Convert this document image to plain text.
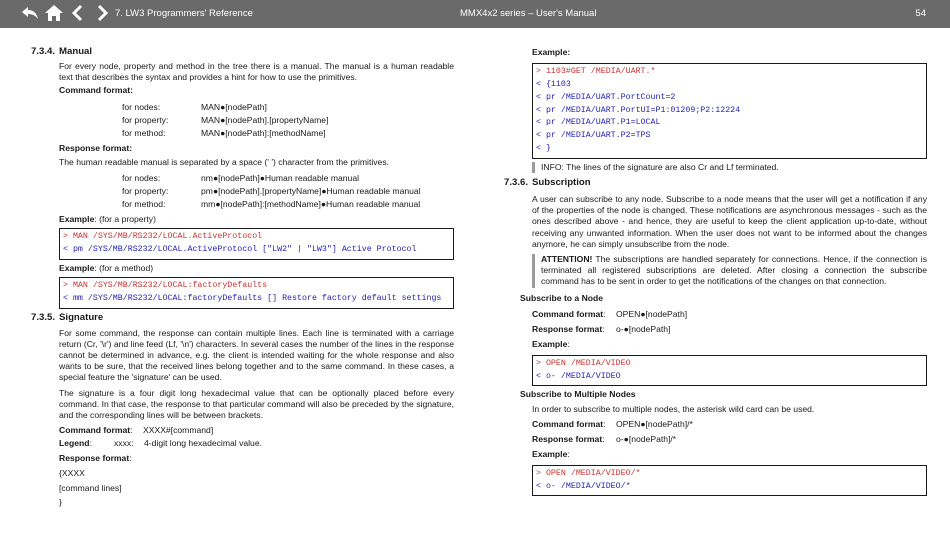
7. LW3 Programmers' Reference	MMX4x2 series – User's Manual	54
7.3.4. Manual
For every node, property and method in the tree there is a manual. The manual is a human readable text that describes the syntax and provides a hint for how to use the primitives.
Command format:
for nodes:	MAN●[nodePath]
for property:	MAN●[nodePath].[propertyName]
for method:	MAN●[nodePath]:[methodName]
Response format:
The human readable manual is separated by a space (' ') character from the primitives.
for nodes:	nm●[nodePath]●Human readable manual
for property:	pm●[nodePath].[propertyName]●Human readable manual
for method:	mm●[nodePath]:[methodName]●Human readable manual
Example: (for a property)
> MAN /SYS/MB/RS232/LOCAL.ActiveProtocol
< pm /SYS/MB/RS232/LOCAL.ActiveProtocol ["LW2" | "LW3"] Active Protocol
Example: (for a method)
> MAN /SYS/MB/RS232/LOCAL:factoryDefaults
< mm /SYS/MB/RS232/LOCAL:factoryDefaults [] Restore factory default settings
7.3.5. Signature
For some command, the response can contain multiple lines. Each line is terminated with a carriage return (Cr, '\r') and line feed (Lf, '\n') characters. In several cases the number of the lines in the response cannot be determined in advance, e.g. the client is intended waiting for the whole response and also wants to be sure, that the received lines belong together and to the same command. In these cases, a special feature the 'signature' can be used.
The signature is a four digit long hexadecimal value that can be optionally placed before every command. In that case, the response to that particular command will also be preceded by the signature, and the corresponding lines will be between brackets.
Command format:	XXXX#[command]
Legend:	xxxx:	4-digit long hexadecimal value.
Response format:
{XXXX
[command lines]
}
Example:
> 1103#GET /MEDIA/UART.*
< {1103
< pr /MEDIA/UART.PortCount=2
< pr /MEDIA/UART.PortUI=P1:01209;P2:12224
< pr /MEDIA/UART.P1=LOCAL
< pr /MEDIA/UART.P2=TPS
< }
INFO: The lines of the signature are also Cr and Lf terminated.
7.3.6. Subscription
A user can subscribe to any node. Subscribe to a node means that the user will get a notification if any of the properties of the node is changed. These notifications are asynchronous messages - such as the ones described above - and hence, they are useful to keep the client application up-to-date, without receiving any unwanted information. When the user does not want to be informed about the changes anymore, he can simply unsubscribe from the node.
ATTENTION! The subscriptions are handled separately for connections. Hence, if the connection is terminated all registered subscriptions are deleted. After closing a connection the subscribe command has to be sent in order to get the notifications of the changes on that connection.
Subscribe to a Node
Command format:	OPEN●[nodePath]
Response format:	o-●[nodePath]
Example:
> OPEN /MEDIA/VIDEO
< o- /MEDIA/VIDEO
Subscribe to Multiple Nodes
In order to subscribe to multiple nodes, the asterisk wild card can be used.
Command format:	OPEN●[nodePath]/*
Response format:	o-●[nodePath]/*
Example:
> OPEN /MEDIA/VIDEO/*
< o- /MEDIA/VIDEO/*
